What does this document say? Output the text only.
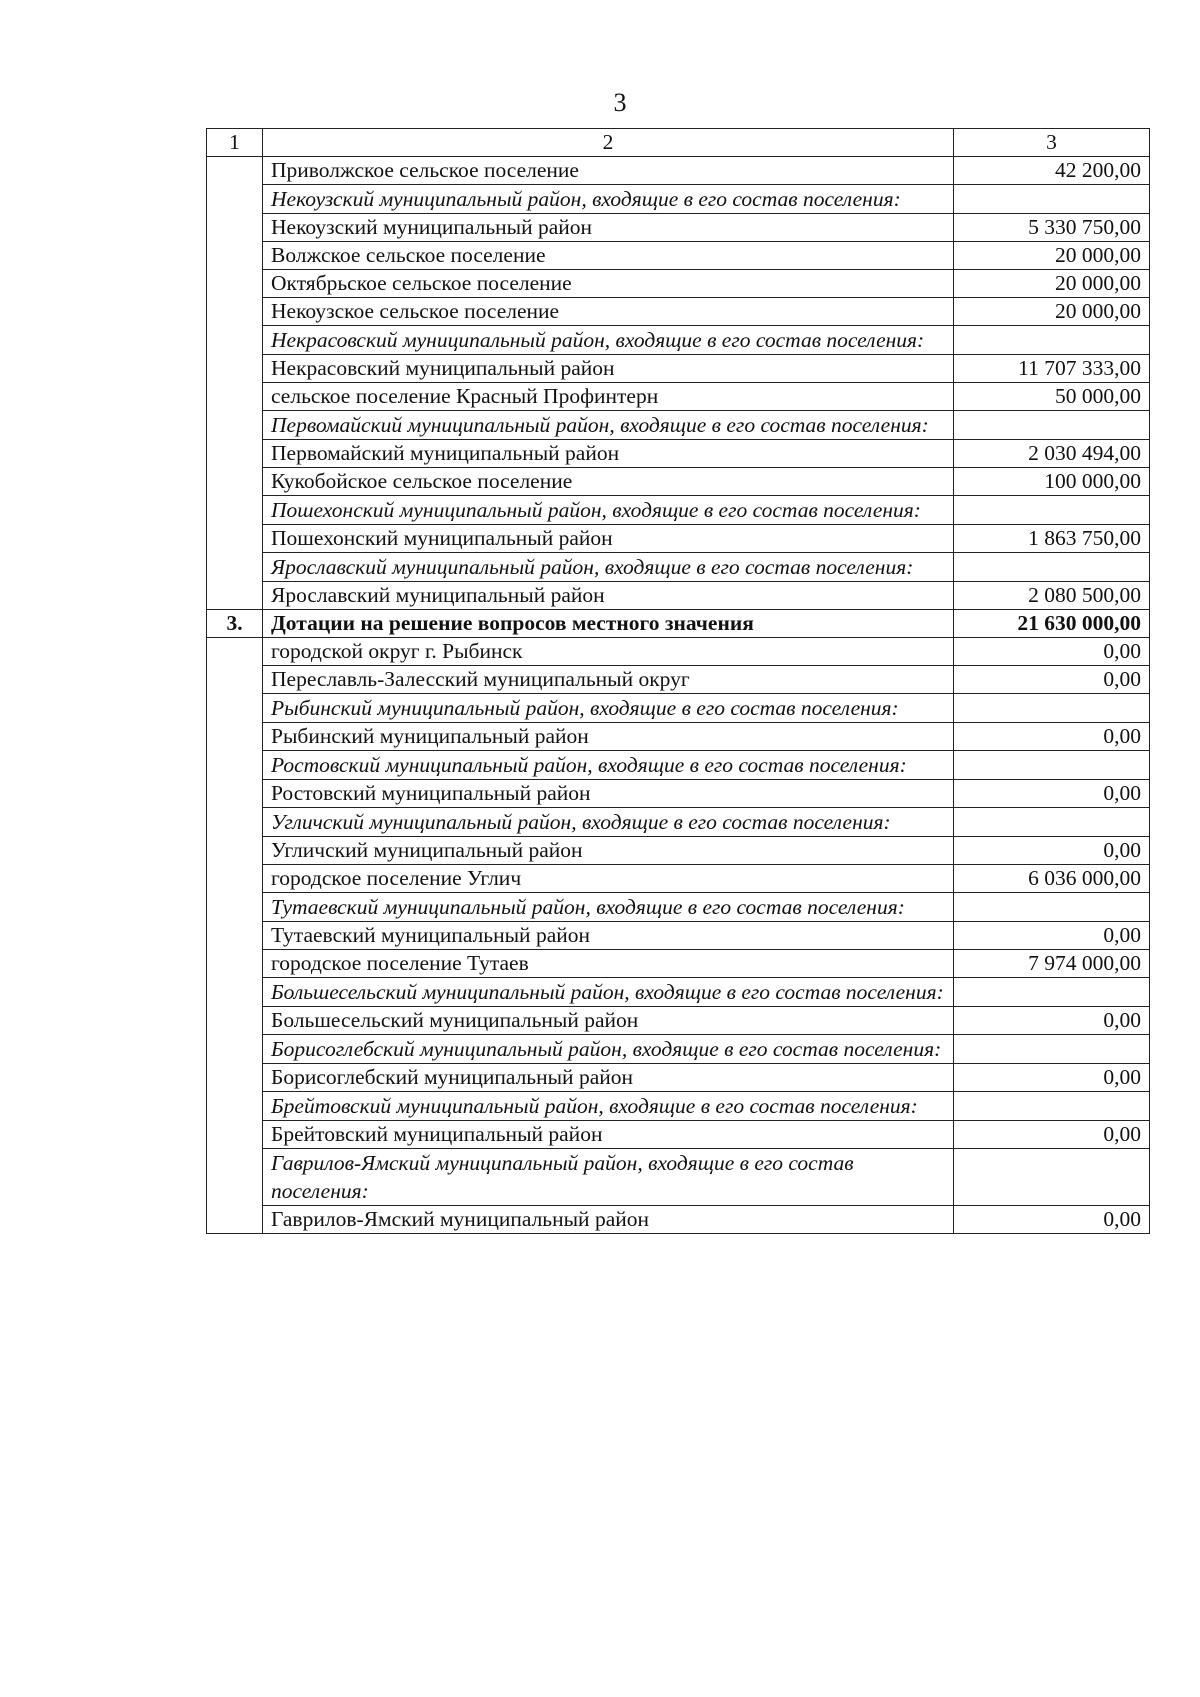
3
1	2	3
	Приволжское сельское поселение	42 200,00
	Некоузский муниципальный район, входящие в его состав поселения:	
	Некоузский муниципальный район	5 330 750,00
	Волжское сельское поселение	20 000,00
	Октябрьское сельское поселение	20 000,00
	Некоузское сельское поселение	20 000,00
	Некрасовский муниципальный район, входящие в его состав поселения:	
	Некрасовский муниципальный район	11 707 333,00
	сельское поселение Красный Профинтерн	50 000,00
	Первомайский муниципальный район, входящие в его состав поселения:	
	Первомайский муниципальный район	2 030 494,00
	Кукобойское сельское поселение	100 000,00
	Пошехонский муниципальный район, входящие в его состав поселения:	
	Пошехонский муниципальный район	1 863 750,00
	Ярославский муниципальный район, входящие в его состав поселения:	
	Ярославский муниципальный район	2 080 500,00
3.	Дотации на решение вопросов местного значения	21 630 000,00
	городской округ г. Рыбинск	0,00
	Переславль-Залесский муниципальный округ	0,00
	Рыбинский муниципальный район, входящие в его состав поселения:	
	Рыбинский муниципальный район	0,00
	Ростовский муниципальный район, входящие в его состав поселения:	
	Ростовский муниципальный район	0,00
	Угличский муниципальный район, входящие в его состав поселения:	
	Угличский муниципальный район	0,00
	городское поселение Углич	6 036 000,00
	Тутаевский муниципальный район, входящие в его состав поселения:	
	Тутаевский муниципальный район	0,00
	городское поселение Тутаев	7 974 000,00
	Большесельский муниципальный район, входящие в его состав поселения:	
	Большесельский муниципальный район	0,00
	Борисоглебский муниципальный район, входящие в его состав поселения:	
	Борисоглебский муниципальный район	0,00
	Брейтовский муниципальный район, входящие в его состав поселения:	
	Брейтовский муниципальный район	0,00
	Гаврилов-Ямский муниципальный район, входящие в его состав поселения:	
	Гаврилов-Ямский муниципальный район	0,00
